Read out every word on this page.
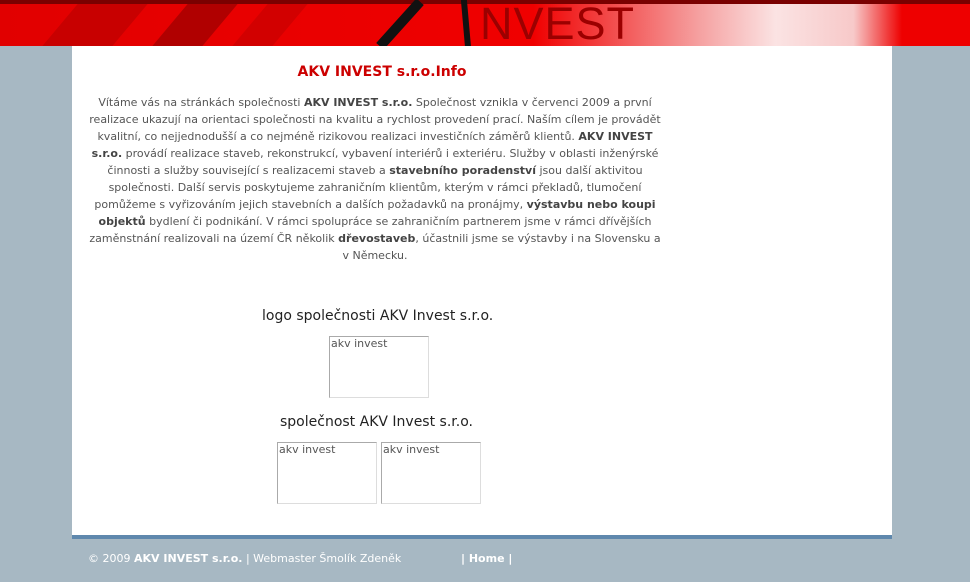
NVEST
AKV INVEST s.r.o.Info
Vítáme vás na stránkách společnosti AKV INVEST s.r.o. Společnost vznikla v červenci 2009 a první realizace ukazují na orientaci společnosti na kvalitu a rychlost provedení prací. Naším cílem je provádět kvalitní, co nejjednodušší a co nejméně rizikovou realizaci investičních záměrů klientů. AKV INVEST s.r.o. provádí realizace staveb, rekonstrukcí, vybavení interiérů i exteriéru. Služby v oblasti inženýrské činnosti a služby související s realizacemi staveb a stavebního poradenství jsou další aktivitou společnosti. Další servis poskytujeme zahraničním klientům, kterým v rámci překladů, tlumočení pomůžeme s vyřizováním jejich stavebních a dalších požadavků na pronájmy, výstavbu nebo koupi objektů bydlení či podnikání. V rámci spolupráce se zahraničním partnerem jsme v rámci dřívějších zaměnstnání realizovali na území ČR několik dřevostaveb, účastnili jsme se výstavby i na Slovensku a v Německu.
logo společnosti AKV Invest s.r.o.
akv invest
společnost AKV Invest s.r.o.
akv invest	akv invest
© 2009 AKV INVEST s.r.o. | Webmaster Šmolík Zdeněk	| Home |
